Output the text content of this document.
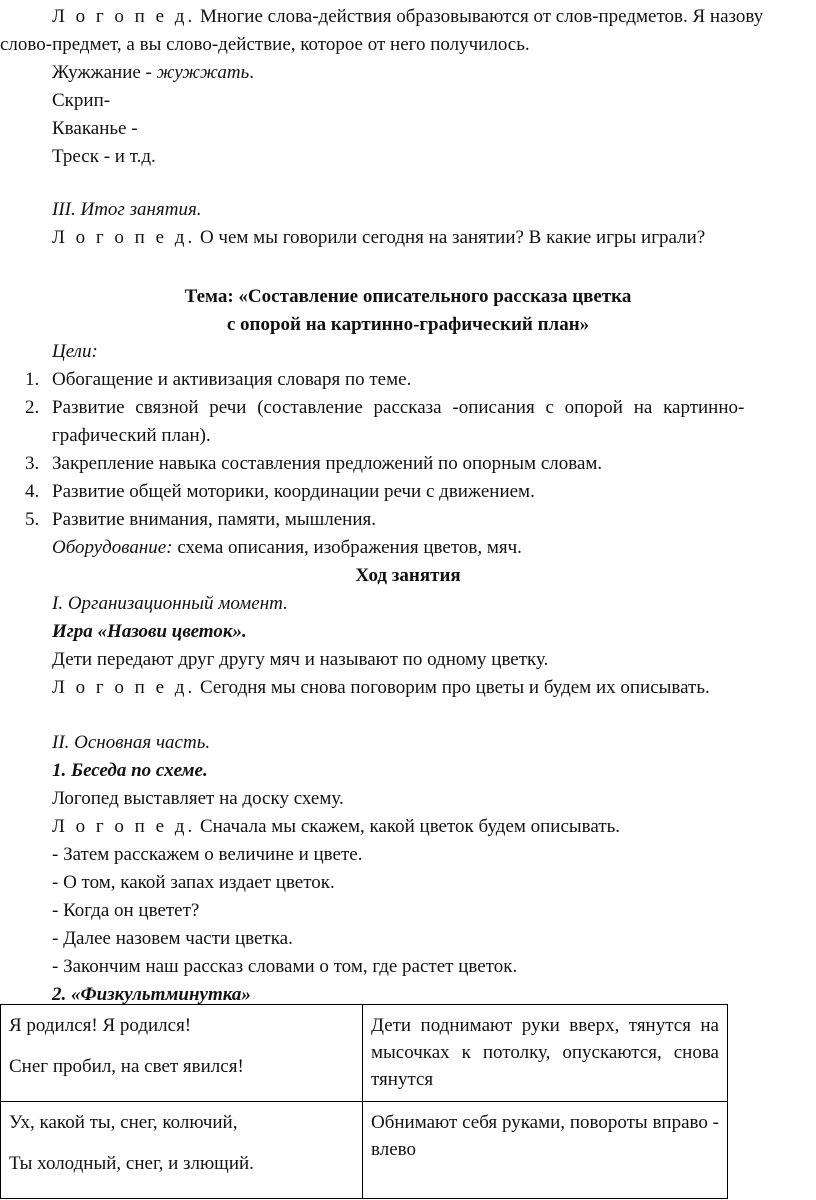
Л о г о п е д. Многие слова-действия образовываются от слов-предметов. Я назову
слово-предмет, а вы слово-действие, которое от него получилось.
Жужжание - жужжать.
Скрип-
Кваканье -
Треск - и т.д.
III. Итог занятия.
Л о г о п е д. О чем мы говорили сегодня на занятии? В какие игры играли?
Тема: «Составление описательного рассказа цветка
с опорой на картинно-графический план»
Цели:
1. Обогащение и активизация словаря по теме.
2. Развитие связной речи (составление рассказа -описания с опорой на картинно-
графический план).
3. Закрепление навыка составления предложений по опорным словам.
4. Развитие общей моторики, координации речи с движением.
5. Развитие внимания, памяти, мышления.
Оборудование: схема описания, изображения цветов, мяч.
Ход занятия
I. Организационный момент.
Игра «Назови цветок».
Дети передают друг другу мяч и называют по одному цветку.
Л о г о п е д. Сегодня мы снова поговорим про цветы и будем их описывать.
II. Основная часть.
1. Беседа по схеме.
Логопед выставляет на доску схему.
Л о г о п е д. Сначала мы скажем, какой цветок будем описывать.
- Затем расскажем о величине и цвете.
- О том, какой запах издает цветок.
- Когда он цветет?
- Далее назовем части цветка.
- Закончим наш рассказ словами о том, где растет цветок.
2. «Физкультминутка»

Я родился! Я родился!

Снег пробил, на свет явился!	Дети поднимают руки вверх, тянутся на мысочках к потолку, опускаются, снова тянутся

Ух, какой ты, снег, колючий,

Ты холодный, снег, и злющий.	Обнимают себя руками, повороты вправо - влево
